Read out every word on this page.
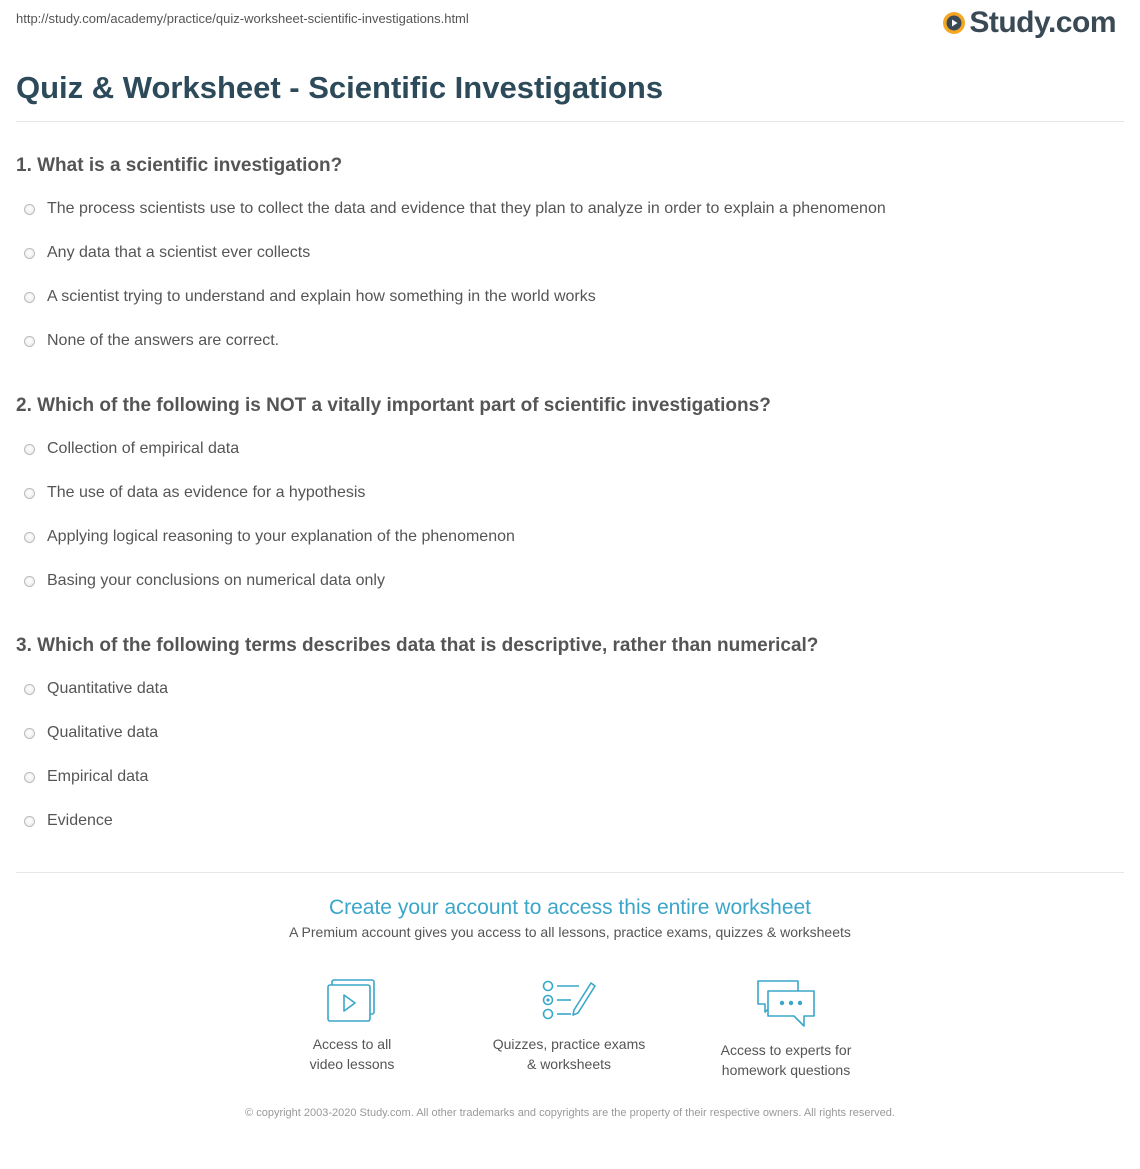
http://study.com/academy/practice/quiz-worksheet-scientific-investigations.html	Study.com
Quiz & Worksheet - Scientific Investigations
1. What is a scientific investigation?
The process scientists use to collect the data and evidence that they plan to analyze in order to explain a phenomenon
Any data that a scientist ever collects
A scientist trying to understand and explain how something in the world works
None of the answers are correct.
2. Which of the following is NOT a vitally important part of scientific investigations?
Collection of empirical data
The use of data as evidence for a hypothesis
Applying logical reasoning to your explanation of the phenomenon
Basing your conclusions on numerical data only
3. Which of the following terms describes data that is descriptive, rather than numerical?
Quantitative data
Qualitative data
Empirical data
Evidence
Create your account to access this entire worksheet
A Premium account gives you access to all lessons, practice exams, quizzes & worksheets
Access to all
video lessons
Quizzes, practice exams
& worksheets
Access to experts for
homework questions
© copyright 2003-2020 Study.com. All other trademarks and copyrights are the property of their respective owners. All rights reserved.
